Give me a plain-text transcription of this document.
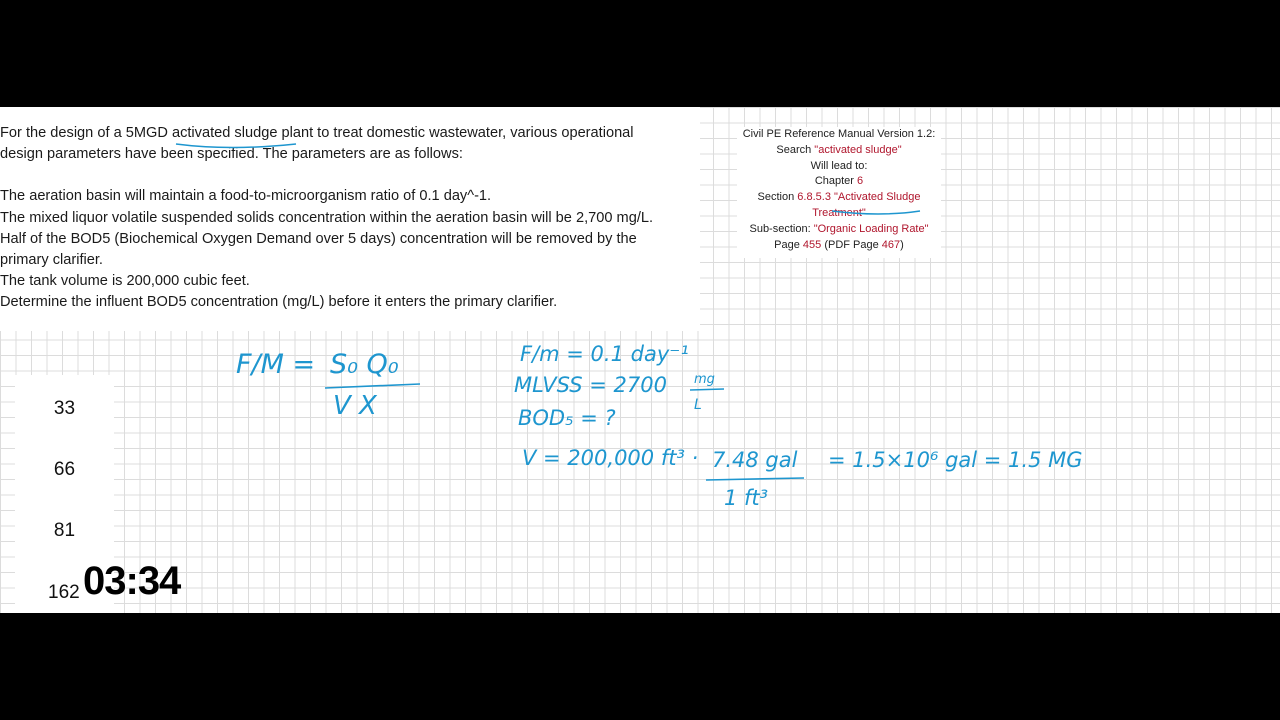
For the design of a 5MGD activated sludge plant to treat domestic wastewater, various operational

design parameters have been specified. The parameters are as follows:

The aeration basin will maintain a food-to-microorganism ratio of 0.1 day^-1.

The mixed liquor volatile suspended solids concentration within the aeration basin will be 2,700 mg/L.

Half of the BOD5 (Biochemical Oxygen Demand over 5 days) concentration will be removed by the

primary clarifier.

The tank volume is 200,000 cubic feet.

Determine the influent BOD5 concentration (mg/L) before it enters the primary clarifier.

Civil PE Reference Manual Version 1.2:
Search "activated sludge"
Will lead to:
Chapter 6
Section 6.8.5.3 "Activated Sludge
Treatment"
Sub-section: "Organic Loading Rate"
Page 455 (PDF Page 467)
33
66
81
162 03:34
F/M = S₀ Q₀
V X
F/m = 0.1 day⁻¹
MLVSS = 2700 mg
L
BOD₅ = ?
V = 200,000 ft³ · 7.48 gal
1 ft³
= 1.5×10⁶ gal = 1.5 MG
